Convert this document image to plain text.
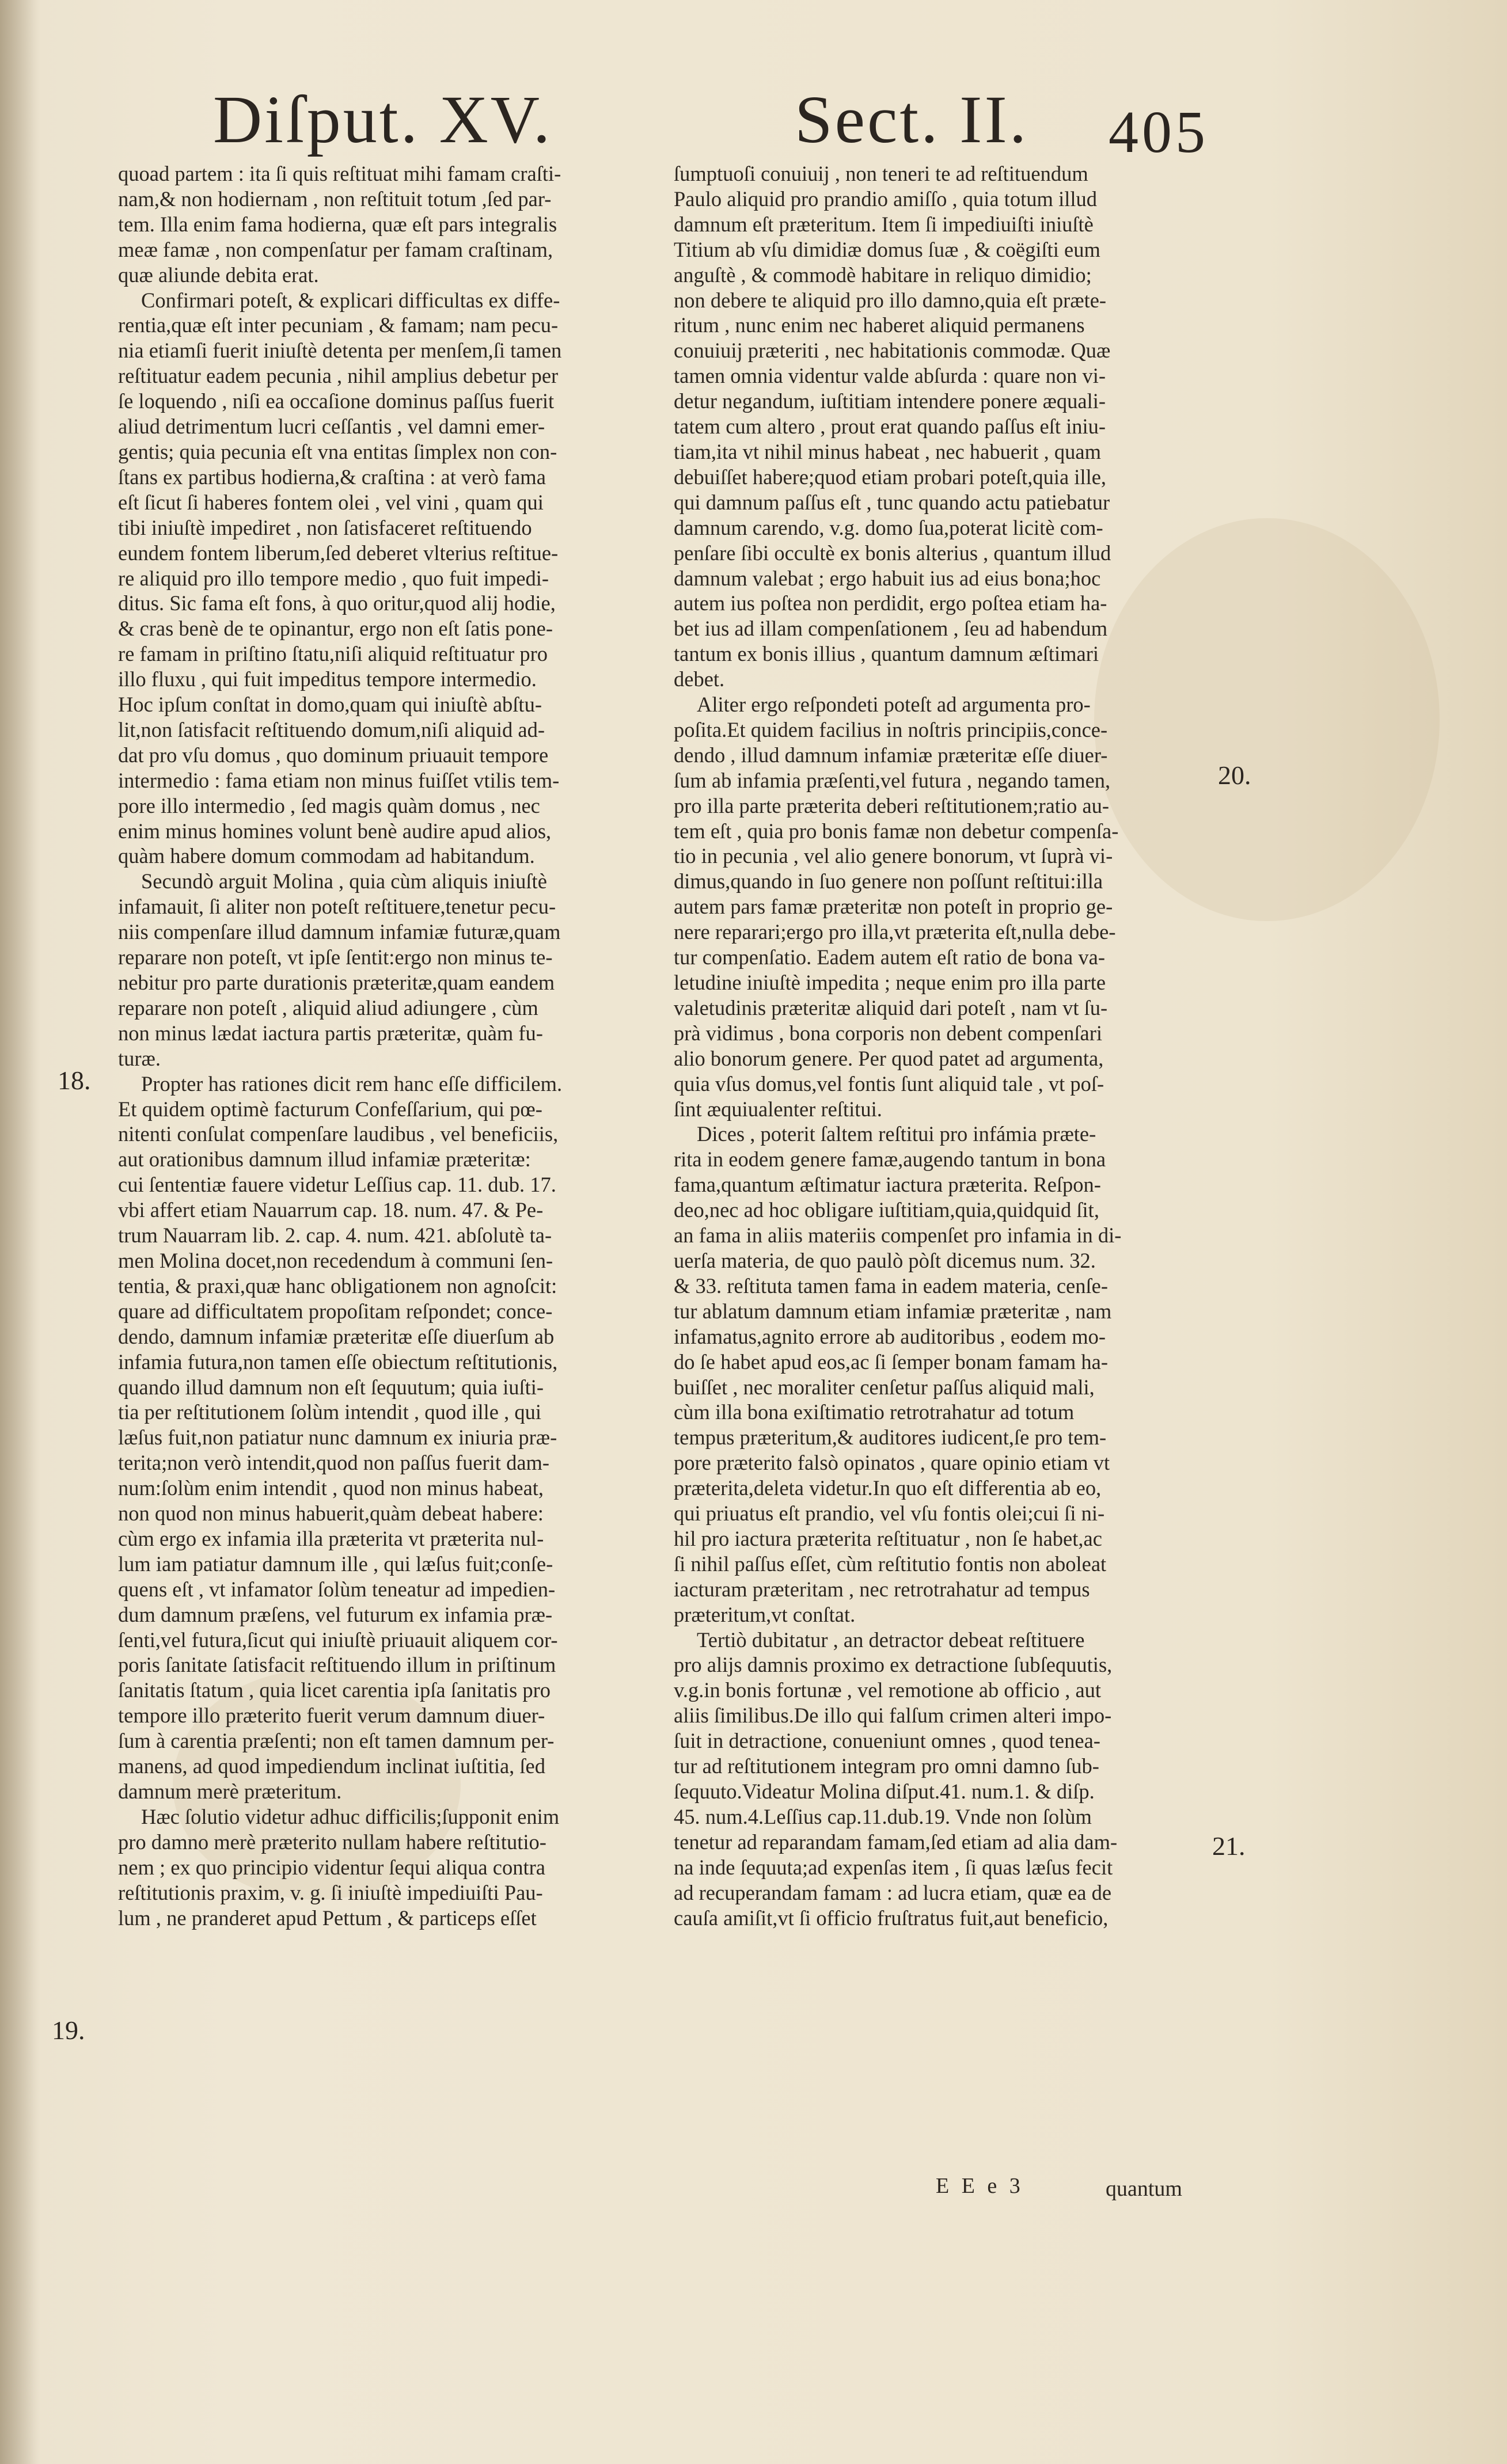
Diſput. XV.	Sect. II. 405
quoad partem : ita ſi quis reſtituat mihi famam craſti-
nam,& non hodiernam , non reſtituit totum ,ſed par-
tem. Illa enim fama hodierna, quæ eſt pars integralis
meæ famæ , non compenſatur per famam craſtinam,
quæ aliunde debita erat.
Confirmari poteſt, & explicari difficultas ex diffe-
rentia,quæ eſt inter pecuniam , & famam; nam pecu-
nia etiamſi fuerit iniuſtè detenta per menſem,ſi tamen
reſtituatur eadem pecunia , nihil amplius debetur per
ſe loquendo , niſi ea occaſione dominus paſſus fuerit
aliud detrimentum lucri ceſſantis , vel damni emer-
gentis; quia pecunia eſt vna entitas ſimplex non con-
ſtans ex partibus hodierna,& craſtina : at verò fama
eſt ſicut ſi haberes fontem olei , vel vini , quam qui
tibi iniuſtè impediret , non ſatisfaceret reſtituendo
eundem fontem liberum,ſed deberet vlterius reſtitue-
re aliquid pro illo tempore medio , quo fuit impedi-
ditus. Sic fama eſt fons, à quo oritur,quod alij hodie,
& cras benè de te opinantur, ergo non eſt ſatis pone-
re famam in priſtino ſtatu,niſi aliquid reſtituatur pro
illo fluxu , qui fuit impeditus tempore intermedio.
Hoc ipſum conſtat in domo,quam qui iniuſtè abſtu-
lit,non ſatisfacit reſtituendo domum,niſi aliquid ad-
dat pro vſu domus , quo dominum priuauit tempore
intermedio : fama etiam non minus fuiſſet vtilis tem-
pore illo intermedio , ſed magis quàm domus , nec
enim minus homines volunt benè audire apud alios,
quàm habere domum commodam ad habitandum.
Secundò arguit Molina , quia cùm aliquis iniuſtè
infamauit, ſi aliter non poteſt reſtituere,tenetur pecu-
niis compenſare illud damnum infamiæ futuræ,quam
reparare non poteſt, vt ipſe ſentit:ergo non minus te-
nebitur pro parte durationis præteritæ,quam eandem
reparare non poteſt , aliquid aliud adiungere , cùm
non minus lædat iactura partis præteritæ, quàm fu-
turæ.
Propter has rationes dicit rem hanc eſſe difficilem.
Et quidem optimè facturum Confeſſarium, qui pœ-
nitenti conſulat compenſare laudibus , vel beneficiis,
aut orationibus damnum illud infamiæ præteritæ:
cui ſententiæ fauere videtur Leſſius cap. 11. dub. 17.
vbi affert etiam Nauarrum cap. 18. num. 47. & Pe-
trum Nauarram lib. 2. cap. 4. num. 421. abſolutè ta-
men Molina docet,non recedendum à communi ſen-
tentia, & praxi,quæ hanc obligationem non agnoſcit:
quare ad difficultatem propoſitam reſpondet; conce-
dendo, damnum infamiæ præteritæ eſſe diuerſum ab
infamia futura,non tamen eſſe obiectum reſtitutionis,
quando illud damnum non eſt ſequutum; quia iuſti-
tia per reſtitutionem ſolùm intendit , quod ille , qui
læſus fuit,non patiatur nunc damnum ex iniuria præ-
terita;non verò intendit,quod non paſſus fuerit dam-
num:ſolùm enim intendit , quod non minus habeat,
non quod non minus habuerit,quàm debeat habere:
cùm ergo ex infamia illa præterita vt præterita nul-
lum iam patiatur damnum ille , qui læſus fuit;conſe-
quens eſt , vt infamator ſolùm teneatur ad impedien-
dum damnum præſens, vel futurum ex infamia præ-
ſenti,vel futura,ſicut qui iniuſtè priuauit aliquem cor-
poris ſanitate ſatisfacit reſtituendo illum in priſtinum
ſanitatis ſtatum , quia licet carentia ipſa ſanitatis pro
tempore illo præterito fuerit verum damnum diuer-
ſum à carentia præſenti; non eſt tamen damnum per-
manens, ad quod impediendum inclinat iuſtitia, ſed
damnum merè præteritum.
Hæc ſolutio videtur adhuc difficilis;ſupponit enim
pro damno merè præterito nullam habere reſtitutio-
nem ; ex quo principio videntur ſequi aliqua contra
reſtitutionis praxim, v. g. ſi iniuſtè impediuiſti Pau-
lum , ne pranderet apud Pettum , & particeps eſſet
ſumptuoſi conuiuij , non teneri te ad reſtituendum
Paulo aliquid pro prandio amiſſo , quia totum illud
damnum eſt præteritum. Item ſi impediuiſti iniuſtè
Titium ab vſu dimidiæ domus ſuæ , & coëgiſti eum
anguſtè , & commodè habitare in reliquo dimidio;
non debere te aliquid pro illo damno,quia eſt præte-
ritum , nunc enim nec haberet aliquid permanens
conuiuij præteriti , nec habitationis commodæ. Quæ
tamen omnia videntur valde abſurda : quare non vi-
detur negandum, iuſtitiam intendere ponere æquali-
tatem cum altero , prout erat quando paſſus eſt iniu-
tiam,ita vt nihil minus habeat , nec habuerit , quam
debuiſſet habere;quod etiam probari poteſt,quia ille,
qui damnum paſſus eſt , tunc quando actu patiebatur
damnum carendo, v.g. domo ſua,poterat licitè com-
penſare ſibi occultè ex bonis alterius , quantum illud
damnum valebat ; ergo habuit ius ad eius bona;hoc
autem ius poſtea non perdidit, ergo poſtea etiam ha-
bet ius ad illam compenſationem , ſeu ad habendum
tantum ex bonis illius , quantum damnum æſtimari
debet.
Aliter ergo reſpondeti poteſt ad argumenta pro-
poſita.Et quidem facilius in noſtris principiis,conce-
dendo , illud damnum infamiæ præteritæ eſſe diuer-
ſum ab infamia præſenti,vel futura , negando tamen,
pro illa parte præterita deberi reſtitutionem;ratio au-
tem eſt , quia pro bonis famæ non debetur compenſa-
tio in pecunia , vel alio genere bonorum, vt ſuprà vi-
dimus,quando in ſuo genere non poſſunt reſtitui:illa
autem pars famæ præteritæ non poteſt in proprio ge-
nere reparari;ergo pro illa,vt præterita eſt,nulla debe-
tur compenſatio. Eadem autem eſt ratio de bona va-
letudine iniuſtè impedita ; neque enim pro illa parte
valetudinis præteritæ aliquid dari poteſt , nam vt ſu-
prà vidimus , bona corporis non debent compenſari
alio bonorum genere. Per quod patet ad argumenta,
quia vſus domus,vel fontis ſunt aliquid tale , vt poſ-
ſint æquiualenter reſtitui.
Dices , poterit ſaltem reſtitui pro infámia præte-
rita in eodem genere famæ,augendo tantum in bona
fama,quantum æſtimatur iactura præterita. Reſpon-
deo,nec ad hoc obligare iuſtitiam,quia,quidquid ſit,
an fama in aliis materiis compenſet pro infamia in di-
uerſa materia, de quo paulò pòſt dicemus num. 32.
& 33. reſtituta tamen fama in eadem materia, cenſe-
tur ablatum damnum etiam infamiæ præteritæ , nam
infamatus,agnito errore ab auditoribus , eodem mo-
do ſe habet apud eos,ac ſi ſemper bonam famam ha-
buiſſet , nec moraliter cenſetur paſſus aliquid mali,
cùm illa bona exiſtimatio retrotrahatur ad totum
tempus præteritum,& auditores iudicent,ſe pro tem-
pore præterito falsò opinatos , quare opinio etiam vt
præterita,deleta videtur.In quo eſt differentia ab eo,
qui priuatus eſt prandio, vel vſu fontis olei;cui ſi ni-
hil pro iactura præterita reſtituatur , non ſe habet,ac
ſi nihil paſſus eſſet, cùm reſtitutio fontis non aboleat
iacturam præteritam , nec retrotrahatur ad tempus
præteritum,vt conſtat.
Tertiò dubitatur , an detractor debeat reſtituere
pro alijs damnis proximo ex detractione ſubſequutis,
v.g.in bonis fortunæ , vel remotione ab officio , aut
aliis ſimilibus.De illo qui falſum crimen alteri impo-
ſuit in detractione, conueniunt omnes , quod tenea-
tur ad reſtitutionem integram pro omni damno ſub-
ſequuto.Videatur Molina diſput.41. num.1. & diſp.
45. num.4.Leſſius cap.11.dub.19. Vnde non ſolùm
tenetur ad reparandam famam,ſed etiam ad alia dam-
na inde ſequuta;ad expenſas item , ſi quas læſus fecit
ad recuperandam famam : ad lucra etiam, quæ ea de
cauſa amiſit,vt ſi officio fruſtratus fuit,aut beneficio,
18.
19.
20.
21.
E E e 3	quantum
